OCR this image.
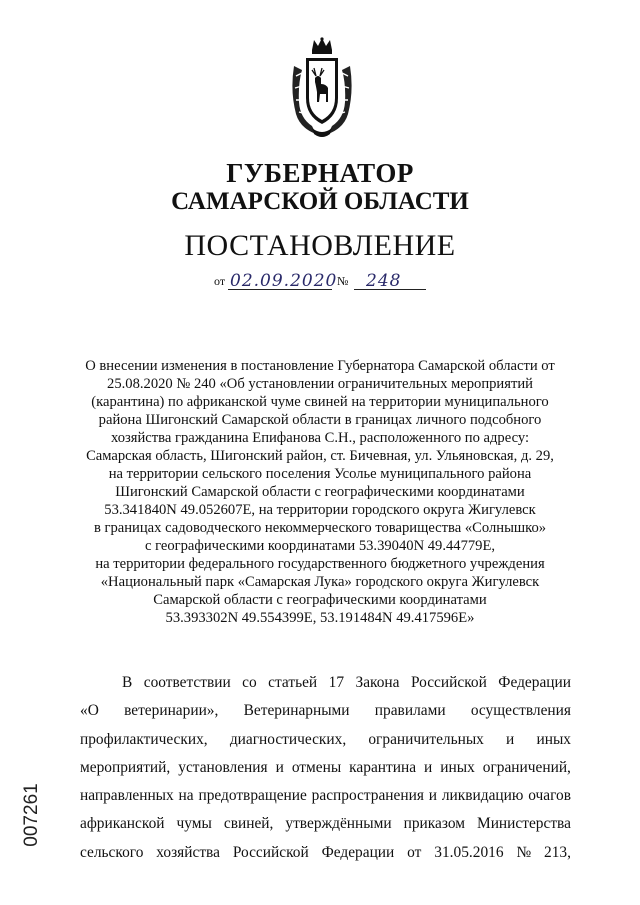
ГУБЕРНАТОР
САМАРСКОЙ ОБЛАСТИ
ПОСТАНОВЛЕНИЕ
от 02.09.2020 № 248
О внесении изменения в постановление Губернатора Самарской области от
25.08.2020 № 240 «Об установлении ограничительных мероприятий
(карантина) по африканской чуме свиней на территории муниципального
района Шигонский Самарской области в границах личного подсобного
хозяйства гражданина Епифанова С.Н., расположенного по адресу:
Самарская область, Шигонский район, ст. Бичевная, ул. Ульяновская, д. 29,
на территории сельского поселения Усолье муниципального района
Шигонский Самарской области с географическими координатами
53.341840N 49.052607E, на территории городского округа Жигулевск
в границах садоводческого некоммерческого товарищества «Солнышко»
с географическими координатами 53.39040N 49.44779E,
на территории федерального государственного бюджетного учреждения
«Национальный парк «Самарская Лука» городского округа Жигулевск
Самарской области с географическими координатами
53.393302N 49.554399E, 53.191484N 49.417596E»
В соответствии со статьей 17 Закона Российской Федерации
«О ветеринарии», Ветеринарными правилами осуществления
профилактических, диагностических, ограничительных и иных
мероприятий, установления и отмены карантина и иных ограничений,
направленных на предотвращение распространения и ликвидацию очагов
африканской чумы свиней, утверждёнными приказом Министерства
сельского хозяйства Российской Федерации от 31.05.2016 № 213,
007261
